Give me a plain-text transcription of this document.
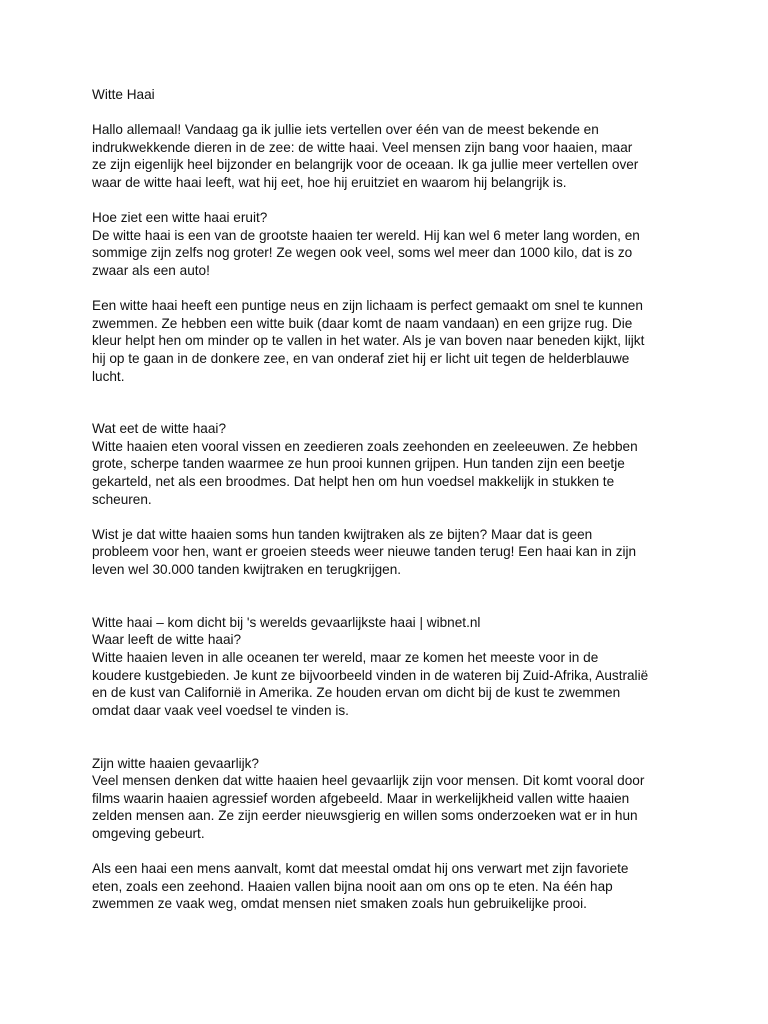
Witte Haai
Hallo allemaal! Vandaag ga ik jullie iets vertellen over één van de meest bekende en
indrukwekkende dieren in de zee: de witte haai. Veel mensen zijn bang voor haaien, maar
ze zijn eigenlijk heel bijzonder en belangrijk voor de oceaan. Ik ga jullie meer vertellen over
waar de witte haai leeft, wat hij eet, hoe hij eruitziet en waarom hij belangrijk is.
Hoe ziet een witte haai eruit?
De witte haai is een van de grootste haaien ter wereld. Hij kan wel 6 meter lang worden, en
sommige zijn zelfs nog groter! Ze wegen ook veel, soms wel meer dan 1000 kilo, dat is zo
zwaar als een auto!
Een witte haai heeft een puntige neus en zijn lichaam is perfect gemaakt om snel te kunnen
zwemmen. Ze hebben een witte buik (daar komt de naam vandaan) en een grijze rug. Die
kleur helpt hen om minder op te vallen in het water. Als je van boven naar beneden kijkt, lijkt
hij op te gaan in de donkere zee, en van onderaf ziet hij er licht uit tegen de helderblauwe
lucht.
Wat eet de witte haai?
Witte haaien eten vooral vissen en zeedieren zoals zeehonden en zeeleeuwen. Ze hebben
grote, scherpe tanden waarmee ze hun prooi kunnen grijpen. Hun tanden zijn een beetje
gekarteld, net als een broodmes. Dat helpt hen om hun voedsel makkelijk in stukken te
scheuren.
Wist je dat witte haaien soms hun tanden kwijtraken als ze bijten? Maar dat is geen
probleem voor hen, want er groeien steeds weer nieuwe tanden terug! Een haai kan in zijn
leven wel 30.000 tanden kwijtraken en terugkrijgen.
Witte haai – kom dicht bij 's werelds gevaarlijkste haai | wibnet.nl
Waar leeft de witte haai?
Witte haaien leven in alle oceanen ter wereld, maar ze komen het meeste voor in de
koudere kustgebieden. Je kunt ze bijvoorbeeld vinden in de wateren bij Zuid-Afrika, Australië
en de kust van Californië in Amerika. Ze houden ervan om dicht bij de kust te zwemmen
omdat daar vaak veel voedsel te vinden is.
Zijn witte haaien gevaarlijk?
Veel mensen denken dat witte haaien heel gevaarlijk zijn voor mensen. Dit komt vooral door
films waarin haaien agressief worden afgebeeld. Maar in werkelijkheid vallen witte haaien
zelden mensen aan. Ze zijn eerder nieuwsgierig en willen soms onderzoeken wat er in hun
omgeving gebeurt.
Als een haai een mens aanvalt, komt dat meestal omdat hij ons verwart met zijn favoriete
eten, zoals een zeehond. Haaien vallen bijna nooit aan om ons op te eten. Na één hap
zwemmen ze vaak weg, omdat mensen niet smaken zoals hun gebruikelijke prooi.
